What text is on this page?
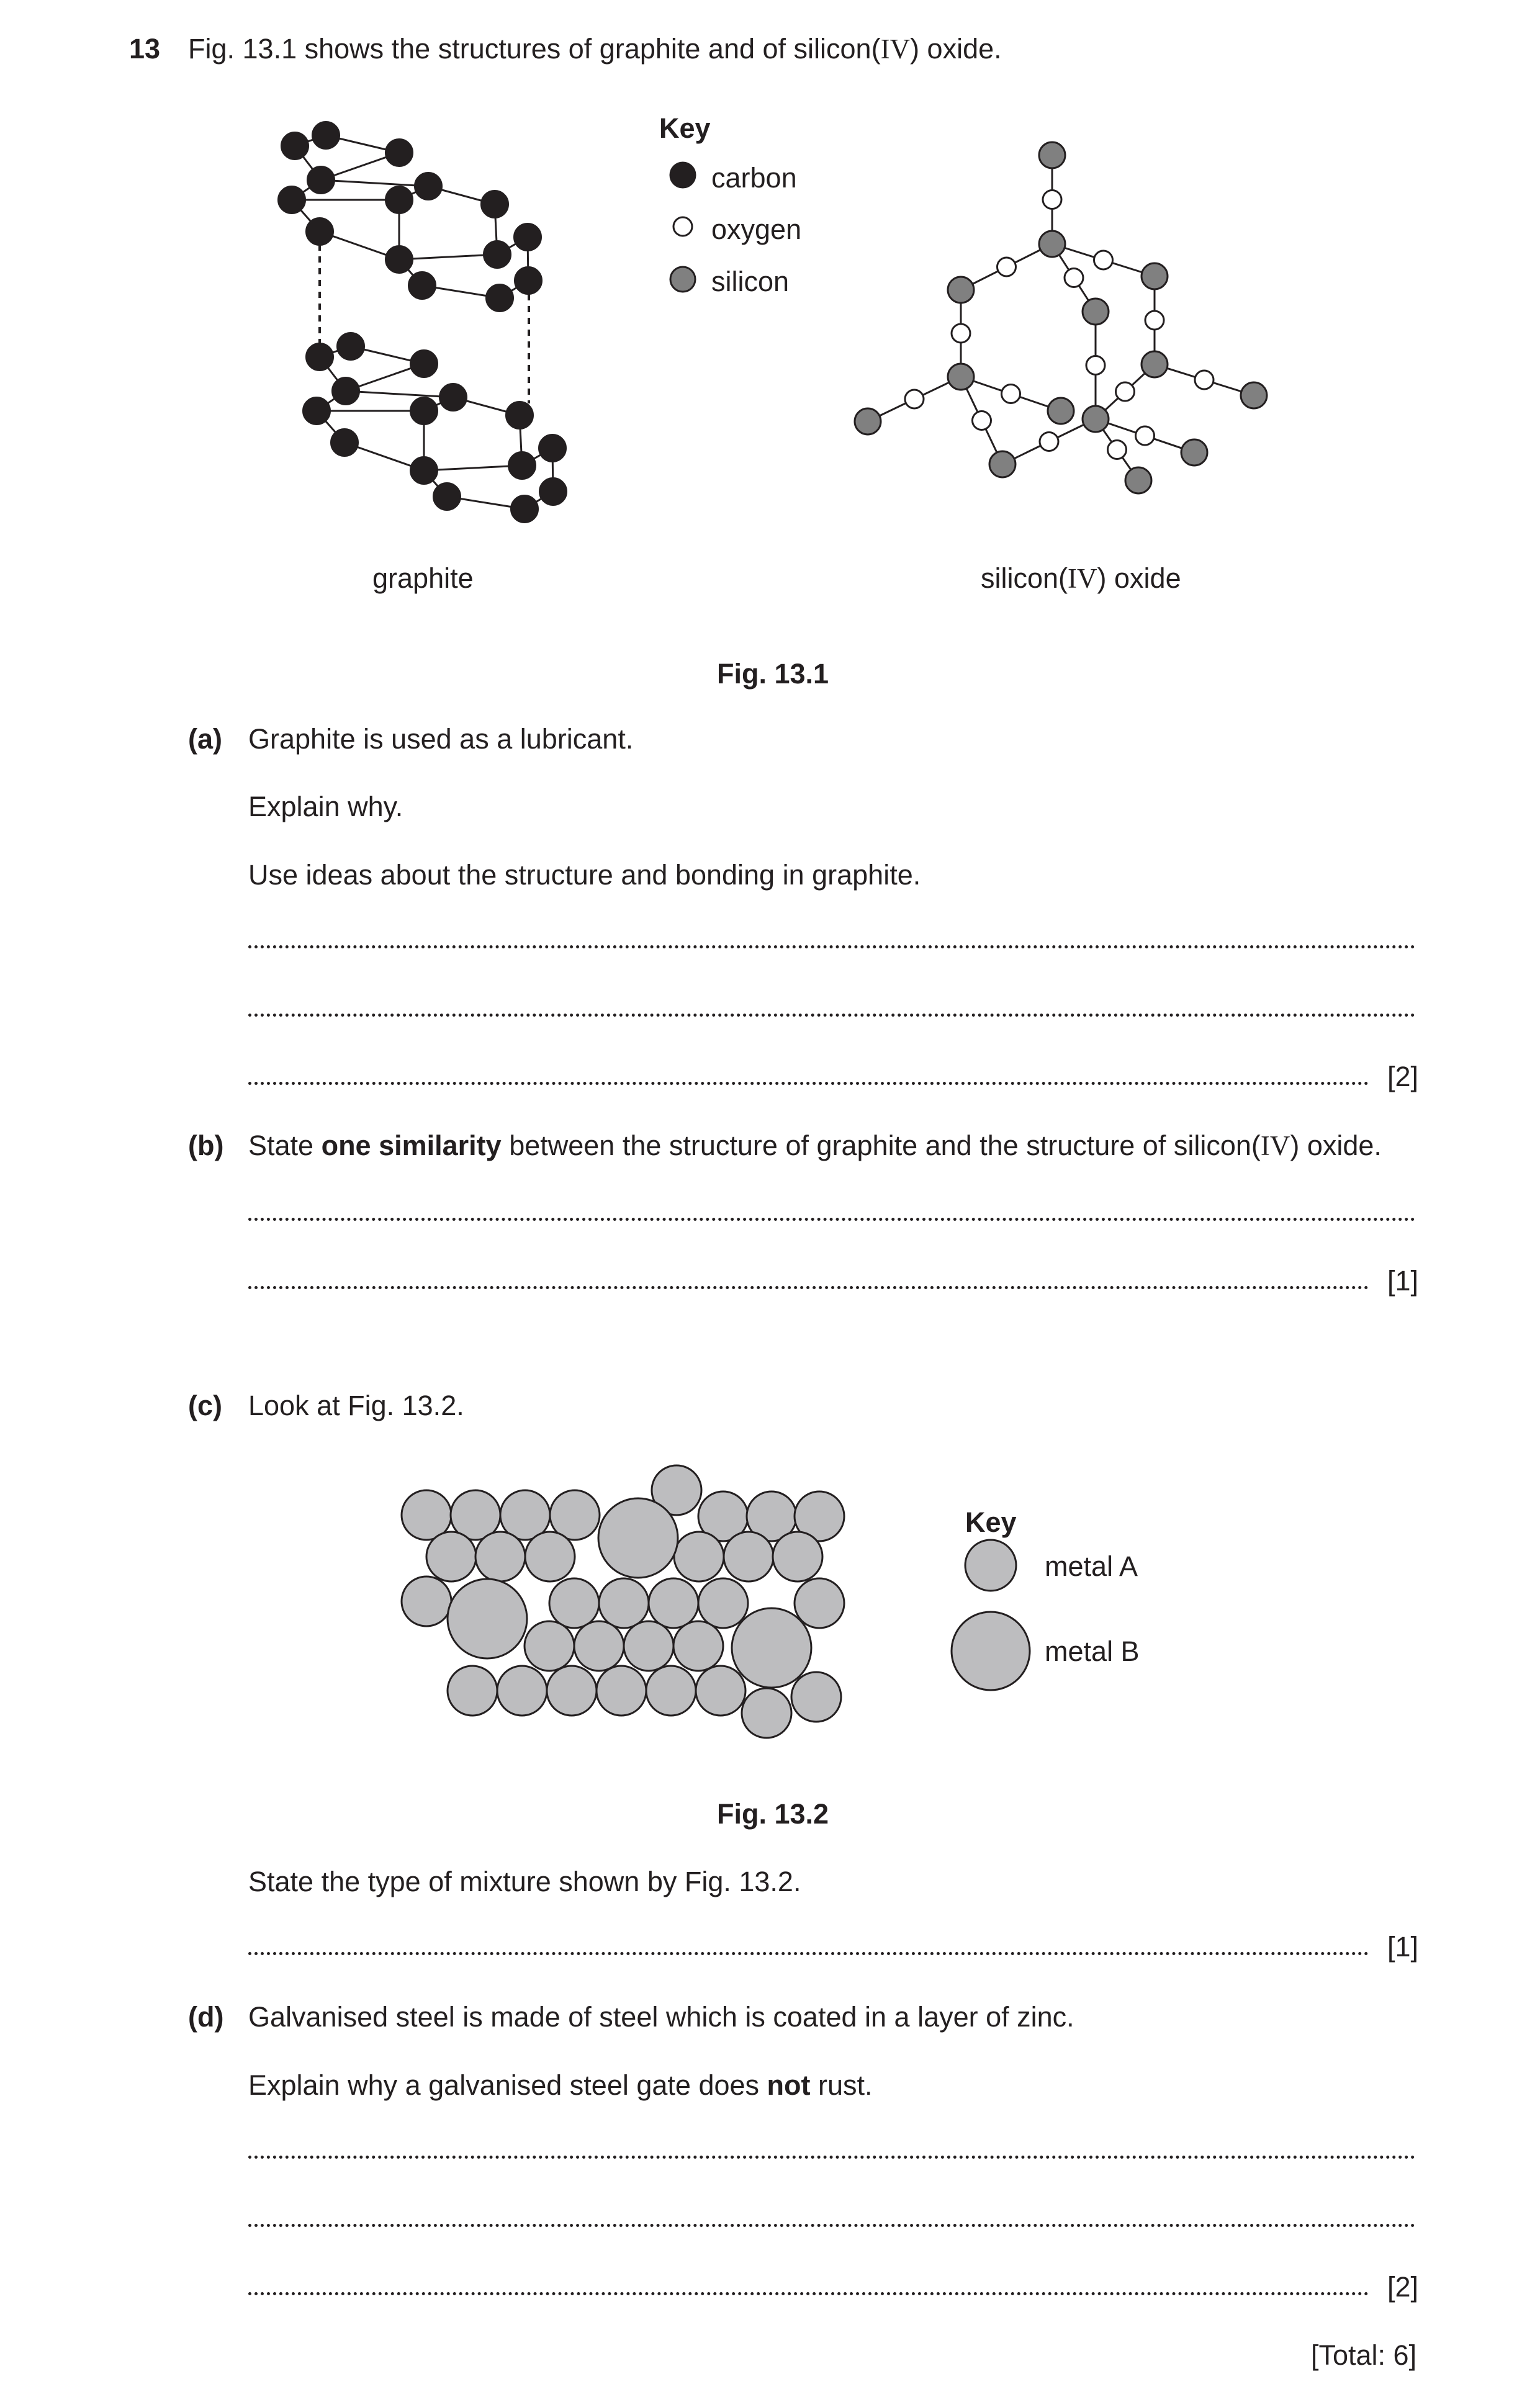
13 Fig. 13.1 shows the structures of graphite and of silicon(IV) oxide.
Key
carbon
oxygen
silicon
graphite	silicon(IV) oxide
Fig. 13.1
(a) Graphite is used as a lubricant.
Explain why.
Use ideas about the structure and bonding in graphite.
[2]
(b) State one similarity between the structure of graphite and the structure of silicon(IV) oxide.
[1]
(c) Look at Fig. 13.2.
Key
metal A
metal B
Fig. 13.2
State the type of mixture shown by Fig. 13.2.
[1]
(d) Galvanised steel is made of steel which is coated in a layer of zinc.
Explain why a galvanised steel gate does not rust.
[2]
[Total: 6]
